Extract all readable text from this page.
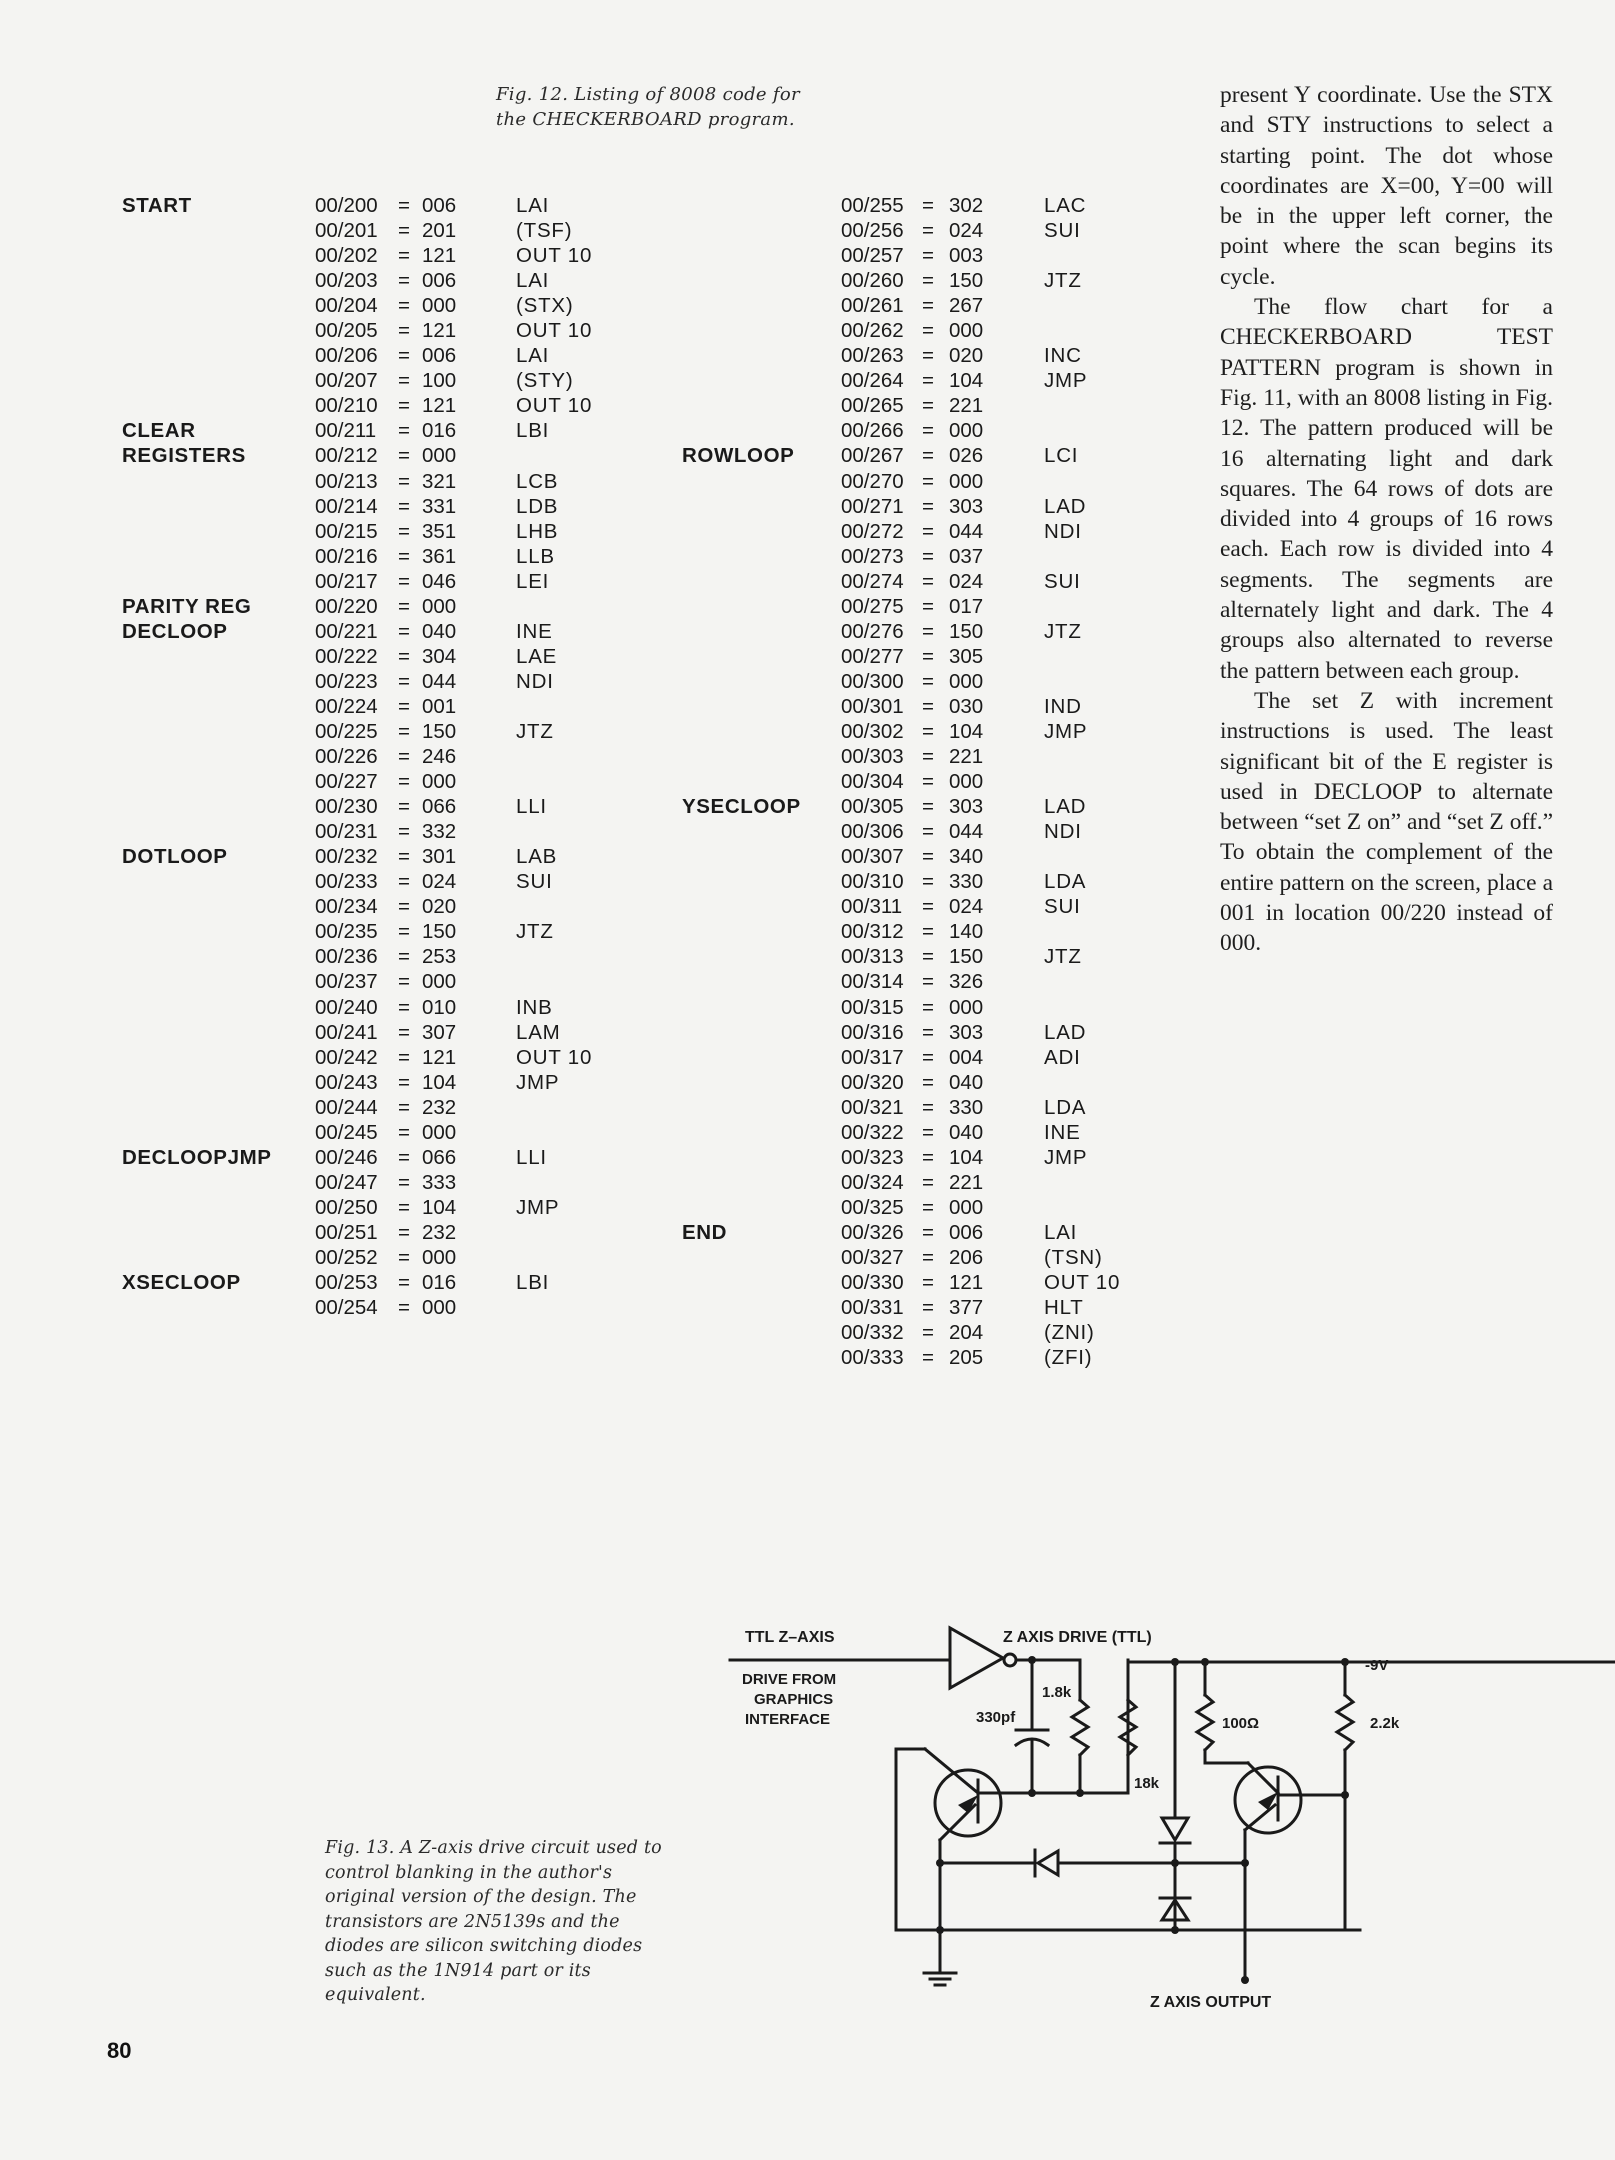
Fig. 12. Listing of 8008 code for
the CHECKERBOARD program.
START	00/200 = 006	LAI
00/201 = 201	(TSF)
00/202 = 121	OUT 10
00/203 = 006	LAI
00/204 = 000	(STX)
00/205 = 121	OUT 10
00/206 = 006	LAI
00/207 = 100	(STY)
00/210 = 121	OUT 10
CLEAR	00/211 = 016	LBI
REGISTERS	00/212 = 000
00/213 = 321	LCB
00/214 = 331	LDB
00/215 = 351	LHB
00/216 = 361	LLB
00/217 = 046	LEI
PARITY REG	00/220 = 000
DECLOOP	00/221 = 040	INE
00/222 = 304	LAE
00/223 = 044	NDI
00/224 = 001
00/225 = 150	JTZ
00/226 = 246
00/227 = 000
00/230 = 066	LLI
00/231 = 332
DOTLOOP	00/232 = 301	LAB
00/233 = 024	SUI
00/234 = 020
00/235 = 150	JTZ
00/236 = 253
00/237 = 000
00/240 = 010	INB
00/241 = 307	LAM
00/242 = 121	OUT 10
00/243 = 104	JMP
00/244 = 232
00/245 = 000
DECLOOPJMP 00/246 = 066	LLI
00/247 = 333
00/250 = 104	JMP
00/251 = 232
00/252 = 000
XSECLOOP	00/253 = 016	LBI
00/254 = 000
00/255 = 302	LAC
00/256 = 024	SUI
00/257 = 003
00/260 = 150	JTZ
00/261 = 267
00/262 = 000
00/263 = 020	INC
00/264 = 104	JMP
00/265 = 221
00/266 = 000
ROWLOOP 00/267 = 026	LCI
00/270 = 000
00/271 = 303	LAD
00/272 = 044	NDI
00/273 = 037
00/274 = 024	SUI
00/275 = 017
00/276 = 150	JTZ
00/277 = 305
00/300 = 000
00/301 = 030	IND
00/302 = 104	JMP
00/303 = 221
00/304 = 000
YSECLOOP 00/305 = 303	LAD
00/306 = 044	NDI
00/307 = 340
00/310 = 330	LDA
00/311 = 024	SUI
00/312 = 140
00/313 = 150	JTZ
00/314 = 326
00/315 = 000
00/316 = 303	LAD
00/317 = 004	ADI
00/320 = 040
00/321 = 330	LDA
00/322 = 040	INE
00/323 = 104	JMP
00/324 = 221
00/325 = 000
END	00/326 = 006	LAI
00/327 = 206	(TSN)
00/330 = 121	OUT 10
00/331 = 377	HLT
00/332 = 204	(ZNI)
00/333 = 205	(ZFI)

present Y coordinate. Use the STX and STY instructions to select a starting point. The dot whose coordinates are X=00, Y=00 will be in the upper left corner, the point where the scan begins its cycle.

The flow chart for a CHECKERBOARD TEST PATTERN program is shown in Fig. 11, with an 8008 listing in Fig. 12. The pattern produced will be 16 alternating light and dark squares. The 64 rows of dots are divided into 4 groups of 16 rows each. Each row is divided into 4 segments. The segments are alternately light and dark. The 4 groups also alternated to reverse the pattern between each group.

The set Z with increment instructions is used. The least significant bit of the E register is used in DECLOOP to alternate between “set Z on” and “set Z off.” To obtain the complement of the entire pattern on the screen, place a 001 in location 00/220 instead of 000.

Fig. 13. A Z-axis drive circuit used to control blanking in the author's original version of the design. The transistors are 2N5139s and the diodes are silicon switching diodes such as the 1N914 part or its equivalent.
TTL Z–AXIS
DRIVE FROM
GRAPHICS
INTERFACE
Z AXIS DRIVE (TTL)
-9V
330pf
1.8k
18k
100Ω	2.2k
Z AXIS OUTPUT
80
